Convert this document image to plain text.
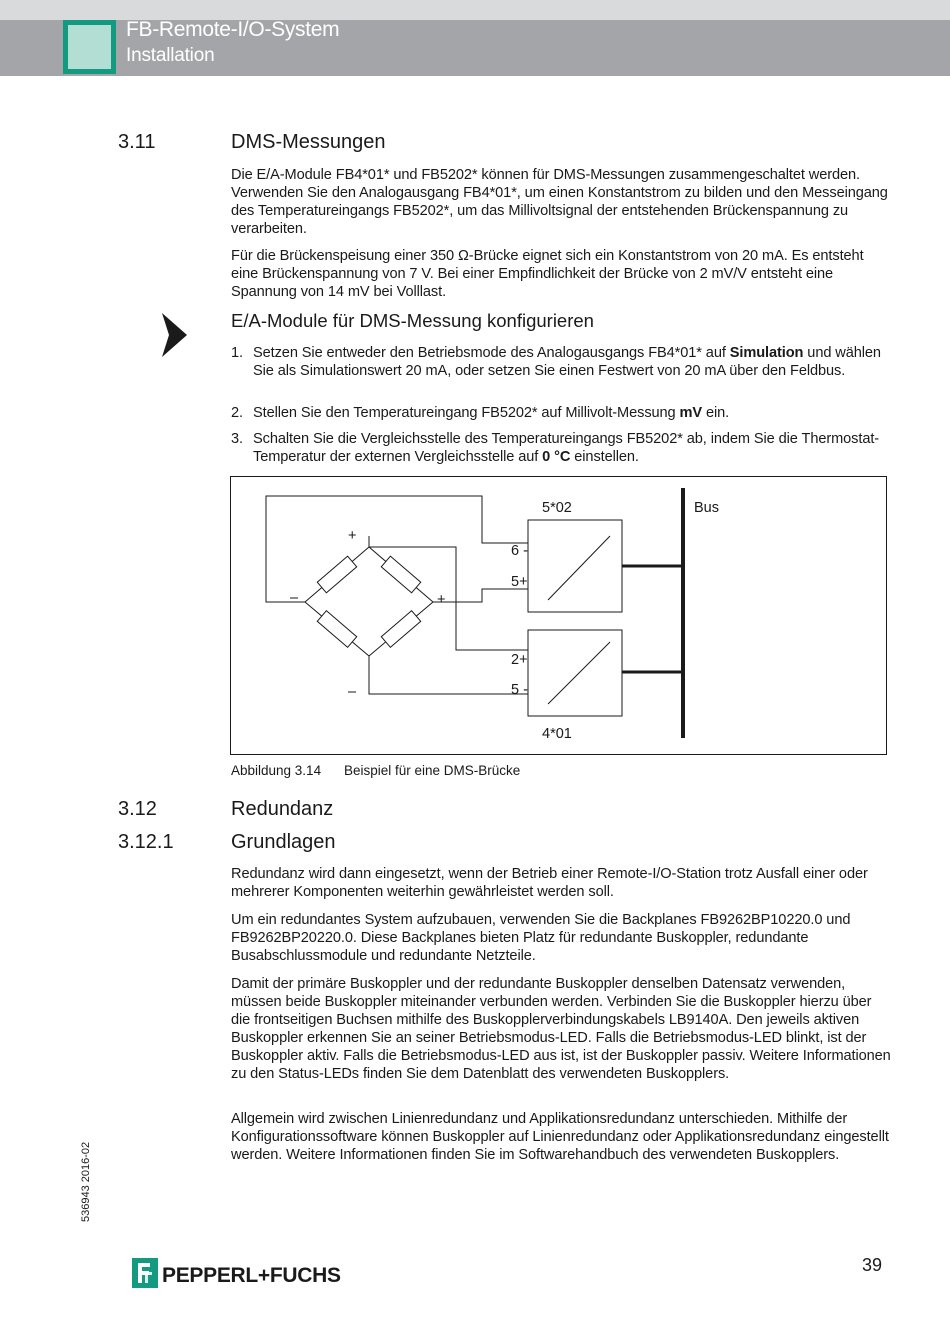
FB-Remote-I/O-System
Installation
3.11	DMS-Messungen
Die E/A-Module FB4*01* und FB5202* können für DMS-Messungen zusammengeschaltet werden. Verwenden Sie den Analogausgang FB4*01*, um einen Konstantstrom zu bilden und den Messeingang des Temperatureingangs FB5202*, um das Millivoltsignal der entstehenden Brückenspannung zu verarbeiten.
Für die Brückenspeisung einer 350 Ω-Brücke eignet sich ein Konstantstrom von 20 mA. Es entsteht eine Brückenspannung von 7 V. Bei einer Empfindlichkeit der Brücke von 2 mV/V entsteht eine Spannung von 14 mV bei Volllast.
E/A-Module für DMS-Messung konfigurieren
1. Setzen Sie entweder den Betriebsmode des Analogausgangs FB4*01* auf Simulation und wählen Sie als Simulationswert 20 mA, oder setzen Sie einen Festwert von 20 mA über den Feldbus.
2. Stellen Sie den Temperatureingang FB5202* auf Millivolt-Messung mV ein.
3. Schalten Sie die Vergleichsstelle des Temperatureingangs FB5202* ab, indem Sie die Thermostat-Temperatur der externen Vergleichsstelle auf 0 °C einstellen.
5*02
4*01
Bus
6 -
5+
2+
5 -
+
+
–
–
Abbildung 3.14 Beispiel für eine DMS-Brücke
3.12	Redundanz
3.12.1	Grundlagen
Redundanz wird dann eingesetzt, wenn der Betrieb einer Remote-I/O-Station trotz Ausfall einer oder mehrerer Komponenten weiterhin gewährleistet werden soll.
Um ein redundantes System aufzubauen, verwenden Sie die Backplanes FB9262BP10220.0 und FB9262BP20220.0. Diese Backplanes bieten Platz für redundante Buskoppler, redundante Busabschlussmodule und redundante Netzteile.
Damit der primäre Buskoppler und der redundante Buskoppler denselben Datensatz verwenden, müssen beide Buskoppler miteinander verbunden werden. Verbinden Sie die Buskoppler hierzu über die frontseitigen Buchsen mithilfe des Buskopplerverbindungskabels LB9140A. Den jeweils aktiven Buskoppler erkennen Sie an seiner Betriebsmodus-LED. Falls die Betriebsmodus-LED blinkt, ist der Buskoppler aktiv. Falls die Betriebsmodus-LED aus ist, ist der Buskoppler passiv. Weitere Informationen zu den Status-LEDs finden Sie dem Datenblatt des verwendeten Buskopplers.
Allgemein wird zwischen Linienredundanz und Applikationsredundanz unterschieden. Mithilfe der Konfigurationssoftware können Buskoppler auf Linienredundanz oder Applikationsredundanz eingestellt werden. Weitere Informationen finden Sie im Softwarehandbuch des verwendeten Buskopplers.
536943 2016-02
PEPPERL+FUCHS	39
